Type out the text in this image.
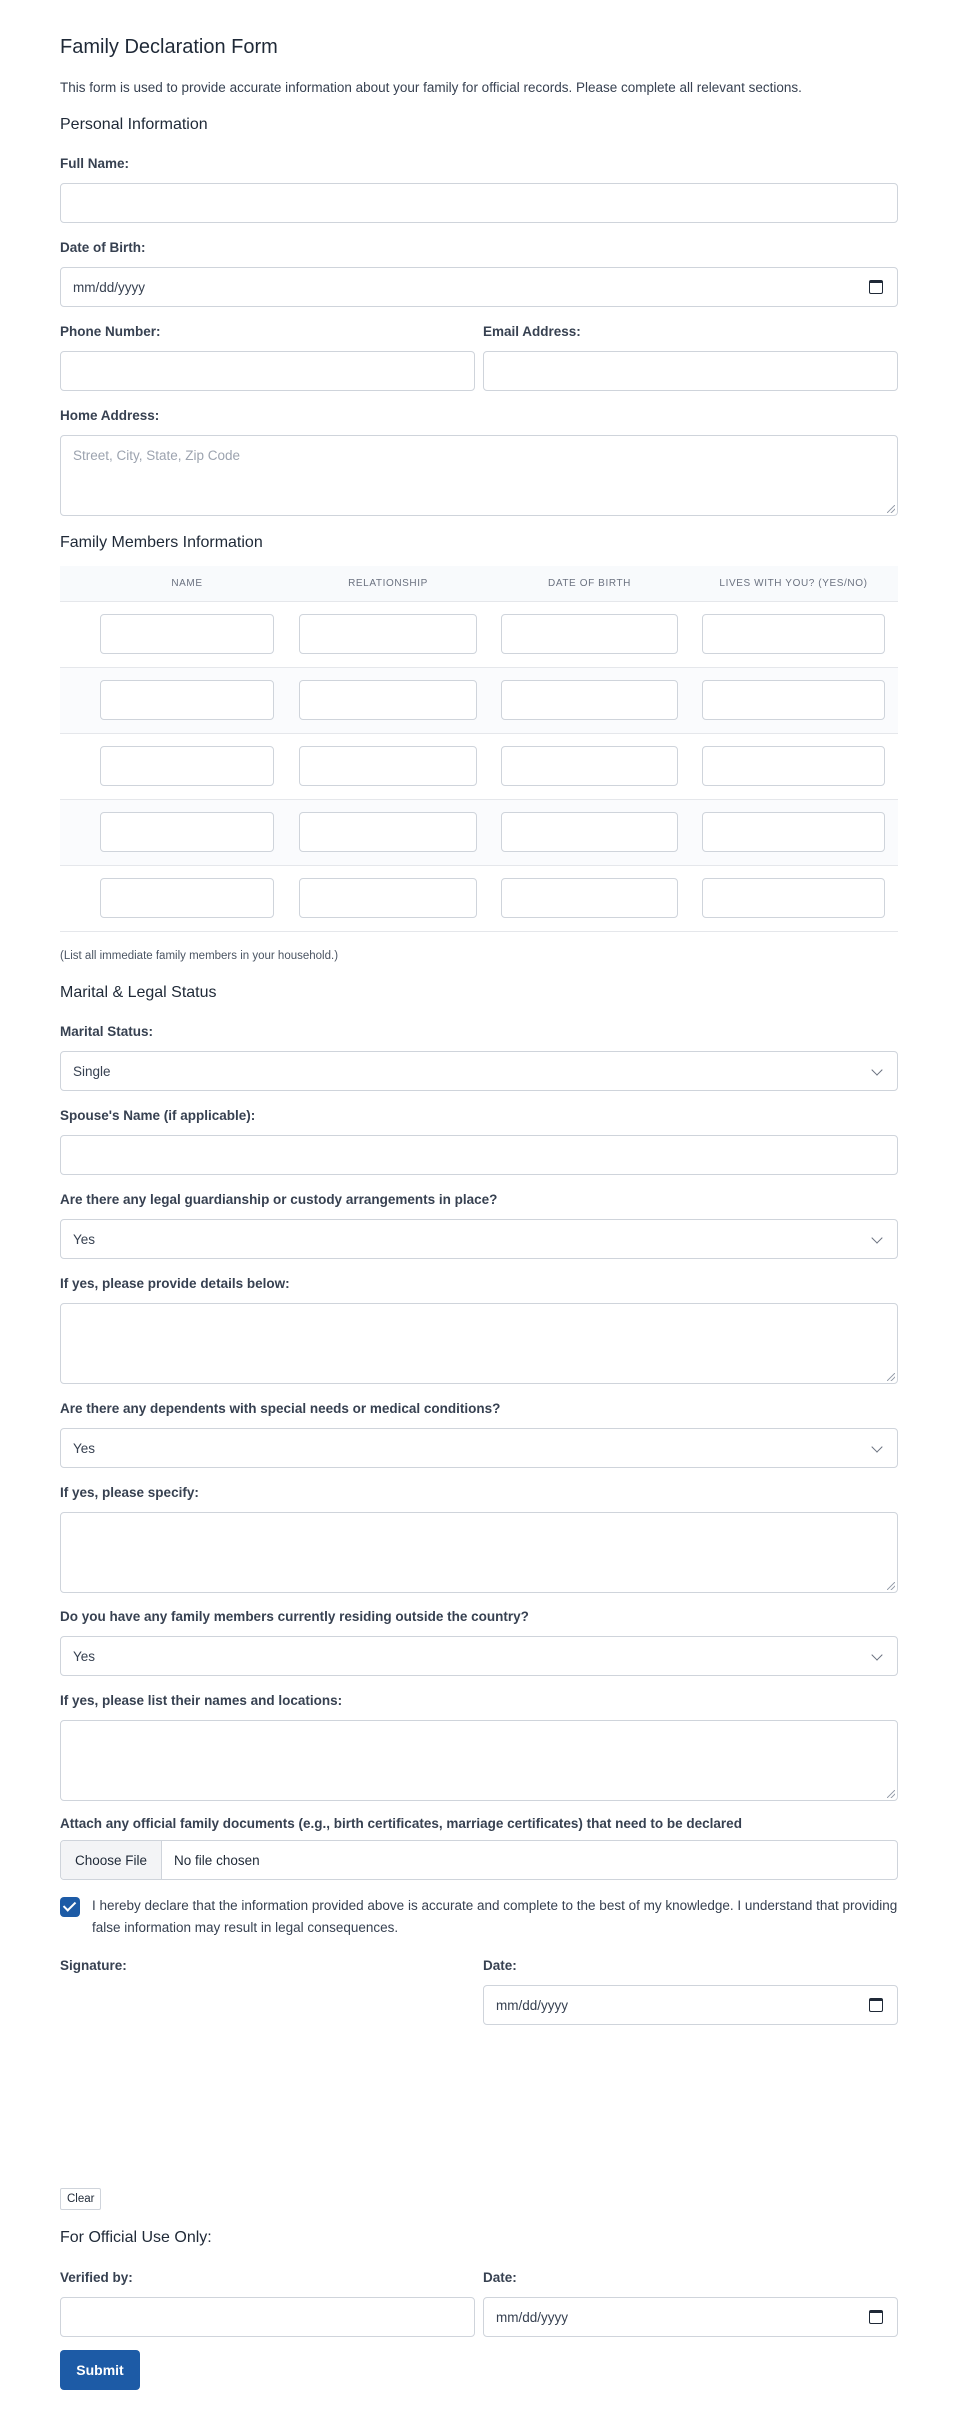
Family Declaration Form
This form is used to provide accurate information about your family for official records. Please complete all relevant sections.
Personal Information
Full Name:
Date of Birth:
mm/dd/yyyy
Phone Number:	Email Address:
Home Address:
Street, City, State, Zip Code
Family Members Information
NAME	RELATIONSHIP	DATE OF BIRTH	LIVES WITH YOU? (YES/NO)
(List all immediate family members in your household.)
Marital & Legal Status
Marital Status:
Single
Spouse's Name (if applicable):
Are there any legal guardianship or custody arrangements in place?
Yes
If yes, please provide details below:
Are there any dependents with special needs or medical conditions?
Yes
If yes, please specify:
Do you have any family members currently residing outside the country?
Yes
If yes, please list their names and locations:
Attach any official family documents (e.g., birth certificates, marriage certificates) that need to be declared
Choose File	No file chosen
I hereby declare that the information provided above is accurate and complete to the best of my knowledge. I understand that providing false information may result in legal consequences.
Signature:	Date:
mm/dd/yyyy
Clear
For Official Use Only:
Verified by:	Date:
mm/dd/yyyy
Submit
